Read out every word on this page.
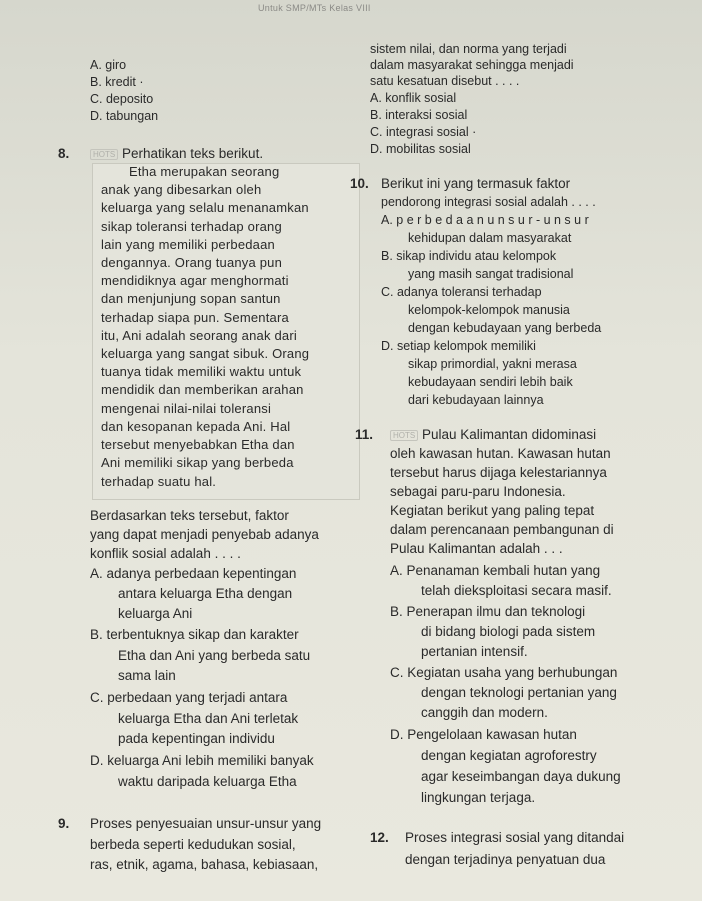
Untuk SMP/MTs Kelas VIII
A. giro
B. kredit ·
C. deposito
D. tabungan
sistem nilai, dan norma yang terjadi
dalam masyarakat sehingga menjadi
satu kesatuan disebut . . . .
A. konflik sosial
B. interaksi sosial
C. integrasi sosial ·
D. mobilitas sosial
8.	HOTS Perhatikan teks berikut.
Etha merupakan seorang
anak yang dibesarkan oleh
keluarga yang selalu menanamkan
sikap toleransi terhadap orang
lain yang memiliki perbedaan
dengannya. Orang tuanya pun
mendidiknya agar menghormati
dan menjunjung sopan santun
terhadap siapa pun. Sementara
itu, Ani adalah seorang anak dari
keluarga yang sangat sibuk. Orang
tuanya tidak memiliki waktu untuk
mendidik dan memberikan arahan
mengenai nilai-nilai toleransi
dan kesopanan kepada Ani. Hal
tersebut menyebabkan Etha dan
Ani memiliki sikap yang berbeda
terhadap suatu hal.
Berdasarkan teks tersebut, faktor
yang dapat menjadi penyebab adanya
konflik sosial adalah . . . .
A. adanya perbedaan kepentingan
antara keluarga Etha dengan
keluarga Ani
B. terbentuknya sikap dan karakter
Etha dan Ani yang berbeda satu
sama lain
C. perbedaan yang terjadi antara
keluarga Etha dan Ani terletak
pada kepentingan individu
D. keluarga Ani lebih memiliki banyak
waktu daripada keluarga Etha
9. Proses penyesuaian unsur-unsur yang
berbeda seperti kedudukan sosial,
ras, etnik, agama, bahasa, kebiasaan,
10. Berikut ini yang termasuk faktor
pendorong integrasi sosial adalah . . . .
A. p e r b e d a a n u n s u r - u n s u r
kehidupan dalam masyarakat
B. sikap individu atau kelompok
yang masih sangat tradisional
C. adanya toleransi terhadap
kelompok-kelompok manusia
dengan kebudayaan yang berbeda
D. setiap kelompok memiliki
sikap primordial, yakni merasa
kebudayaan sendiri lebih baik
dari kebudayaan lainnya
11.	HOTS Pulau Kalimantan didominasi
oleh kawasan hutan. Kawasan hutan
tersebut harus dijaga kelestariannya
sebagai paru-paru Indonesia.
Kegiatan berikut yang paling tepat
dalam perencanaan pembangunan di
Pulau Kalimantan adalah . . .
A. Penanaman kembali hutan yang
telah dieksploitasi secara masif.
B. Penerapan ilmu dan teknologi
di bidang biologi pada sistem
pertanian intensif.
C. Kegiatan usaha yang berhubungan
dengan teknologi pertanian yang
canggih dan modern.
D. Pengelolaan kawasan hutan
dengan kegiatan agroforestry
agar keseimbangan daya dukung
lingkungan terjaga.
12. Proses integrasi sosial yang ditandai
dengan terjadinya penyatuan dua
